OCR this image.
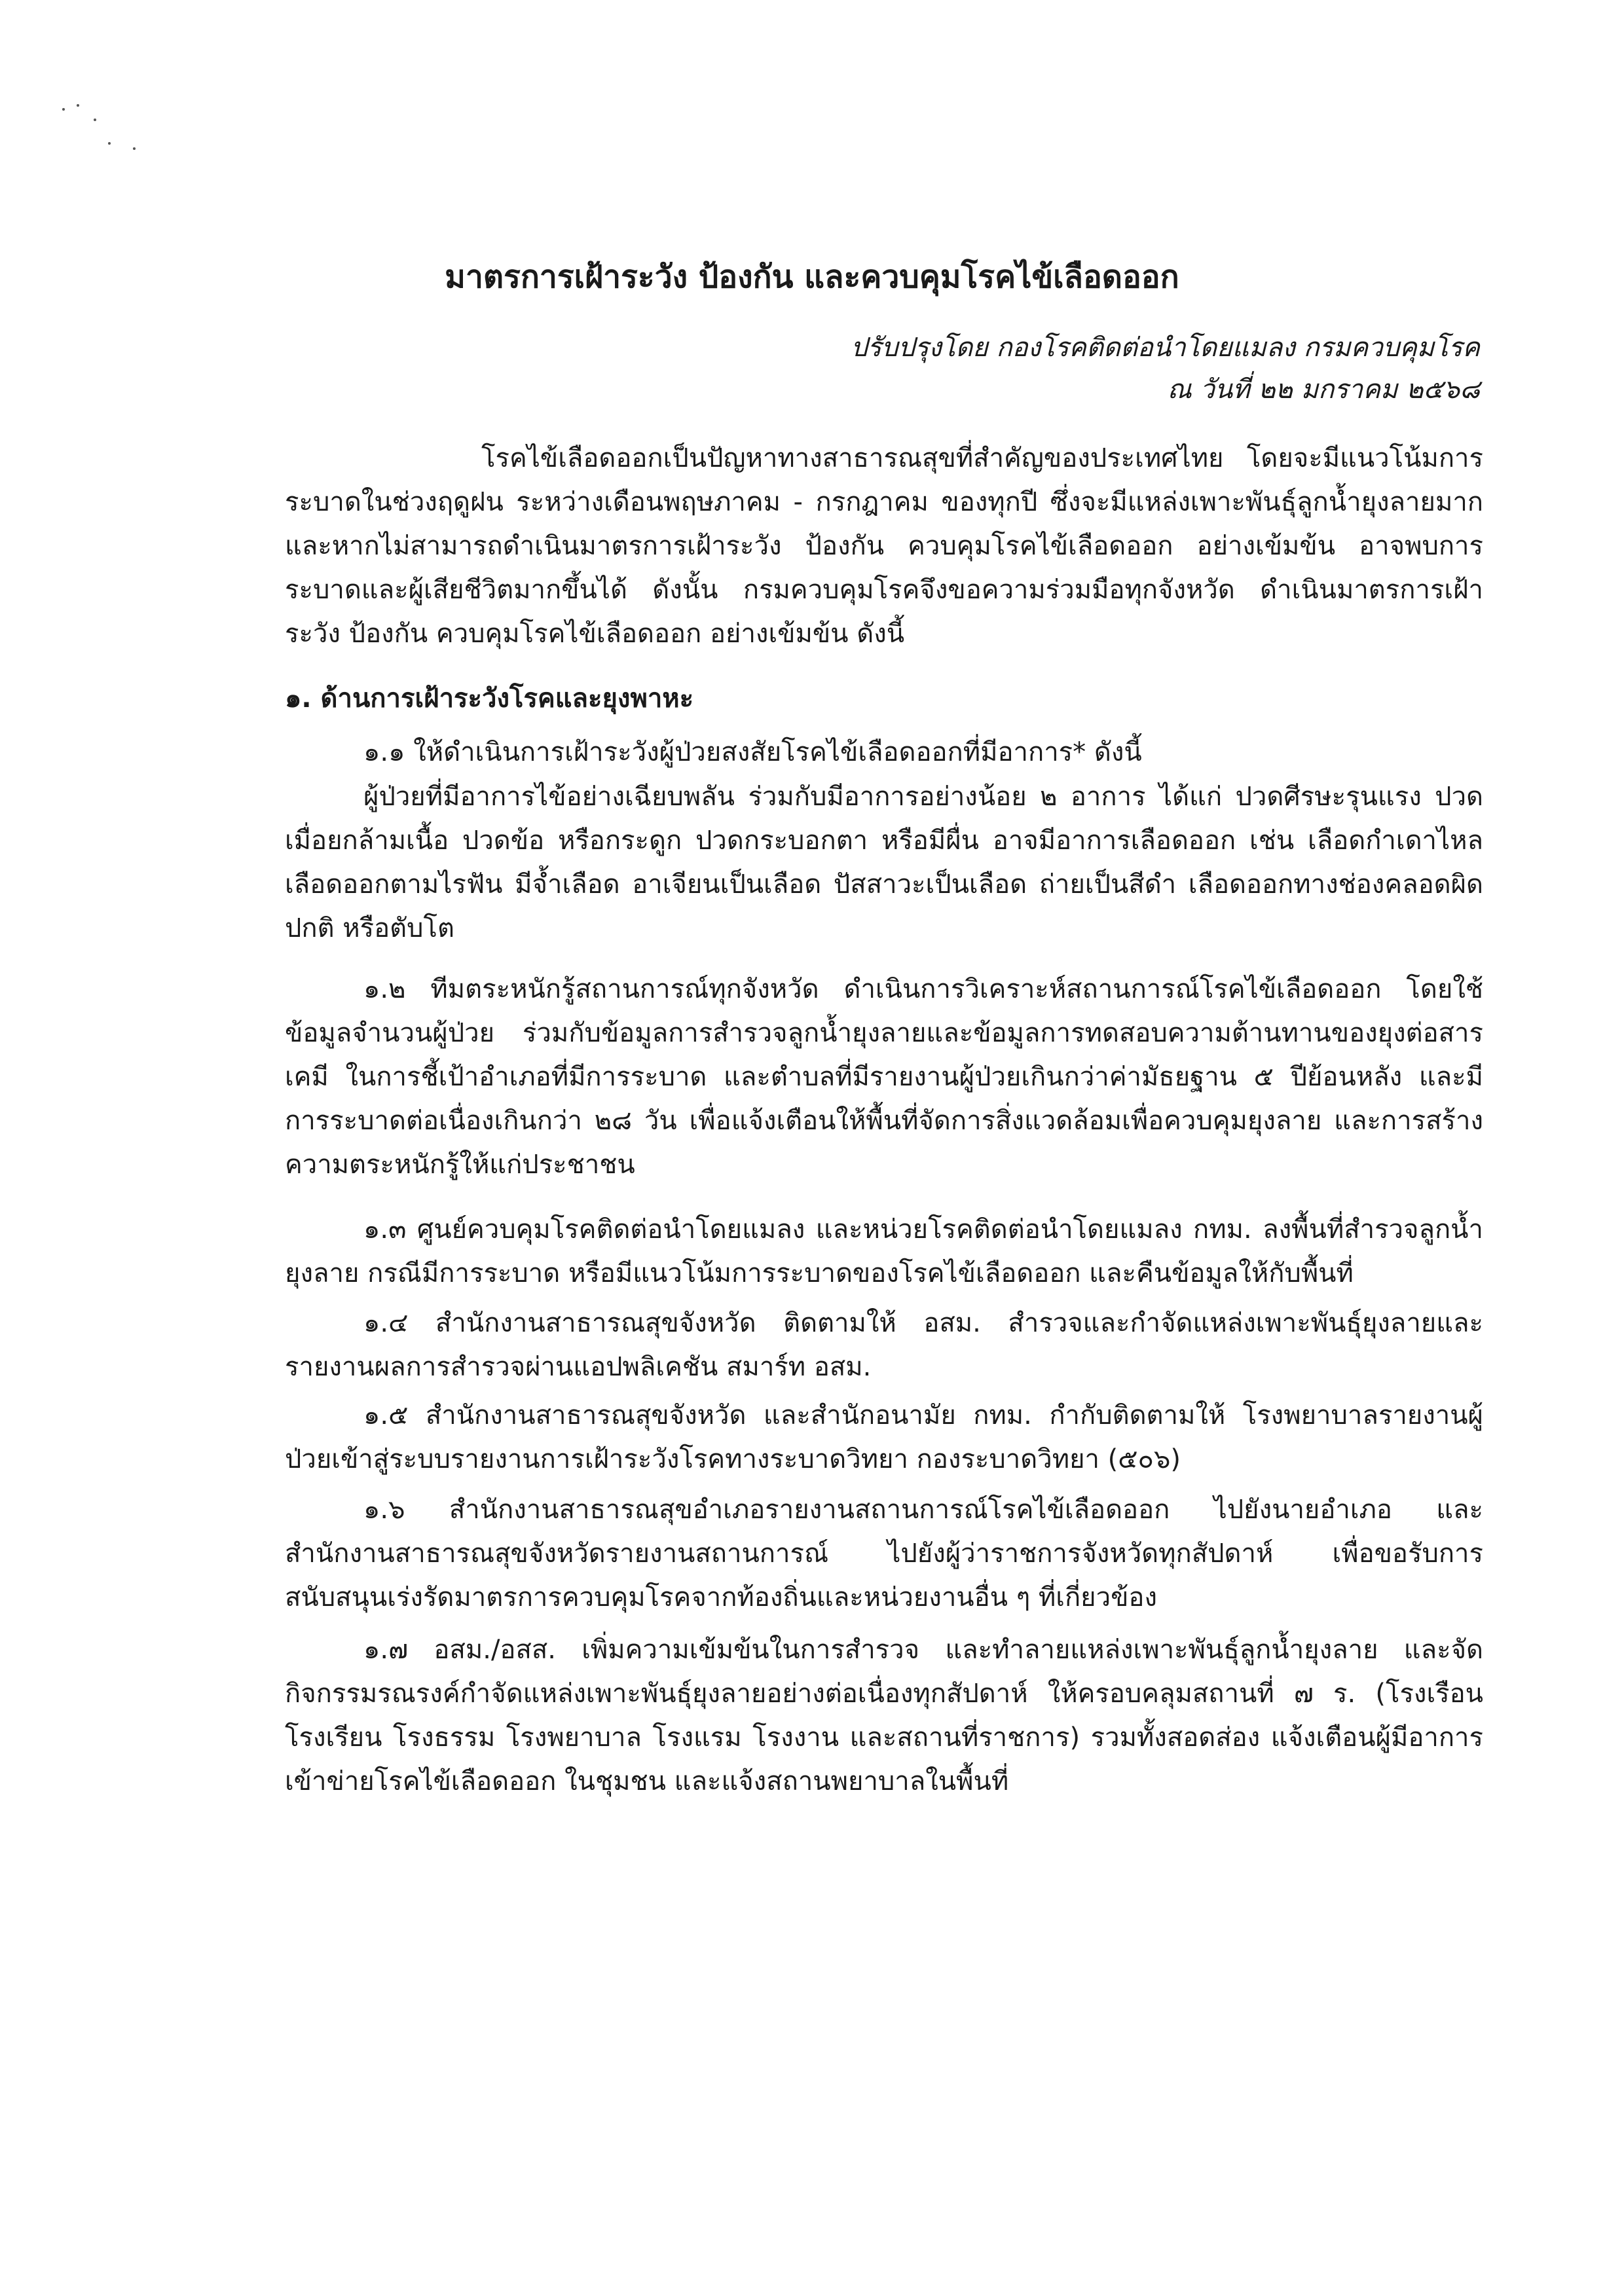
มาตรการเฝ้าระวัง ป้องกัน และควบคุมโรคไข้เลือดออก

ปรับปรุงโดย กองโรคติดต่อนำโดยแมลง กรมควบคุมโรค

ณ วันที่ ๒๒ มกราคม ๒๕๖๘

โรคไข้เลือดออกเป็นปัญหาทางสาธารณสุขที่สำคัญของประเทศไทย โดยจะมีแนวโน้มการระบาดในช่วงฤดูฝน ระหว่างเดือนพฤษภาคม - กรกฎาคม ของทุกปี ซึ่งจะมีแหล่งเพาะพันธุ์ลูกน้ำยุงลายมาก และหากไม่สามารถดำเนินมาตรการเฝ้าระวัง ป้องกัน ควบคุมโรคไข้เลือดออก อย่างเข้มข้น อาจพบการระบาดและผู้เสียชีวิตมากขึ้นได้ ดังนั้น กรมควบคุมโรคจึงขอความร่วมมือทุกจังหวัด ดำเนินมาตรการเฝ้าระวัง ป้องกัน ควบคุมโรคไข้เลือดออก อย่างเข้มข้น ดังนี้

๑. ด้านการเฝ้าระวังโรคและยุงพาหะ

๑.๑ ให้ดำเนินการเฝ้าระวังผู้ป่วยสงสัยโรคไข้เลือดออกที่มีอาการ* ดังนี้

ผู้ป่วยที่มีอาการไข้อย่างเฉียบพลัน ร่วมกับมีอาการอย่างน้อย ๒ อาการ ได้แก่ ปวดศีรษะรุนแรง ปวดเมื่อยกล้ามเนื้อ ปวดข้อ หรือกระดูก ปวดกระบอกตา หรือมีผื่น อาจมีอาการเลือดออก เช่น เลือดกำเดาไหล เลือดออกตามไรฟัน มีจ้ำเลือด อาเจียนเป็นเลือด ปัสสาวะเป็นเลือด ถ่ายเป็นสีดำ เลือดออกทางช่องคลอดผิดปกติ หรือตับโต

๑.๒ ทีมตระหนักรู้สถานการณ์ทุกจังหวัด ดำเนินการวิเคราะห์สถานการณ์โรคไข้เลือดออก โดยใช้ข้อมูลจำนวนผู้ป่วย ร่วมกับข้อมูลการสำรวจลูกน้ำยุงลายและข้อมูลการทดสอบความต้านทานของยุงต่อสารเคมี ในการชี้เป้าอำเภอที่มีการระบาด และตำบลที่มีรายงานผู้ป่วยเกินกว่าค่ามัธยฐาน ๕ ปีย้อนหลัง และมีการระบาดต่อเนื่องเกินกว่า ๒๘ วัน เพื่อแจ้งเตือนให้พื้นที่จัดการสิ่งแวดล้อมเพื่อควบคุมยุงลาย และการสร้างความตระหนักรู้ให้แก่ประชาชน

๑.๓ ศูนย์ควบคุมโรคติดต่อนำโดยแมลง และหน่วยโรคติดต่อนำโดยแมลง กทม. ลงพื้นที่สำรวจลูกน้ำยุงลาย กรณีมีการระบาด หรือมีแนวโน้มการระบาดของโรคไข้เลือดออก และคืนข้อมูลให้กับพื้นที่

๑.๔ สำนักงานสาธารณสุขจังหวัด ติดตามให้ อสม. สำรวจและกำจัดแหล่งเพาะพันธุ์ยุงลายและรายงานผลการสำรวจผ่านแอปพลิเคชัน สมาร์ท อสม.

๑.๕ สำนักงานสาธารณสุขจังหวัด และสำนักอนามัย กทม. กำกับติดตามให้ โรงพยาบาลรายงานผู้ป่วยเข้าสู่ระบบรายงานการเฝ้าระวังโรคทางระบาดวิทยา กองระบาดวิทยา (๕๐๖)

๑.๖ สำนักงานสาธารณสุขอำเภอรายงานสถานการณ์โรคไข้เลือดออก ไปยังนายอำเภอ และสำนักงานสาธารณสุขจังหวัดรายงานสถานการณ์ ไปยังผู้ว่าราชการจังหวัดทุกสัปดาห์ เพื่อขอรับการสนับสนุนเร่งรัดมาตรการควบคุมโรคจากท้องถิ่นและหน่วยงานอื่น ๆ ที่เกี่ยวข้อง

๑.๗ อสม./อสส. เพิ่มความเข้มข้นในการสำรวจ และทำลายแหล่งเพาะพันธุ์ลูกน้ำยุงลาย และจัดกิจกรรมรณรงค์กำจัดแหล่งเพาะพันธุ์ยุงลายอย่างต่อเนื่องทุกสัปดาห์ ให้ครอบคลุมสถานที่ ๗ ร. (โรงเรือน โรงเรียน โรงธรรม โรงพยาบาล โรงแรม โรงงาน และสถานที่ราชการ) รวมทั้งสอดส่อง แจ้งเตือนผู้มีอาการเข้าข่ายโรคไข้เลือดออก ในชุมชน และแจ้งสถานพยาบาลในพื้นที่
